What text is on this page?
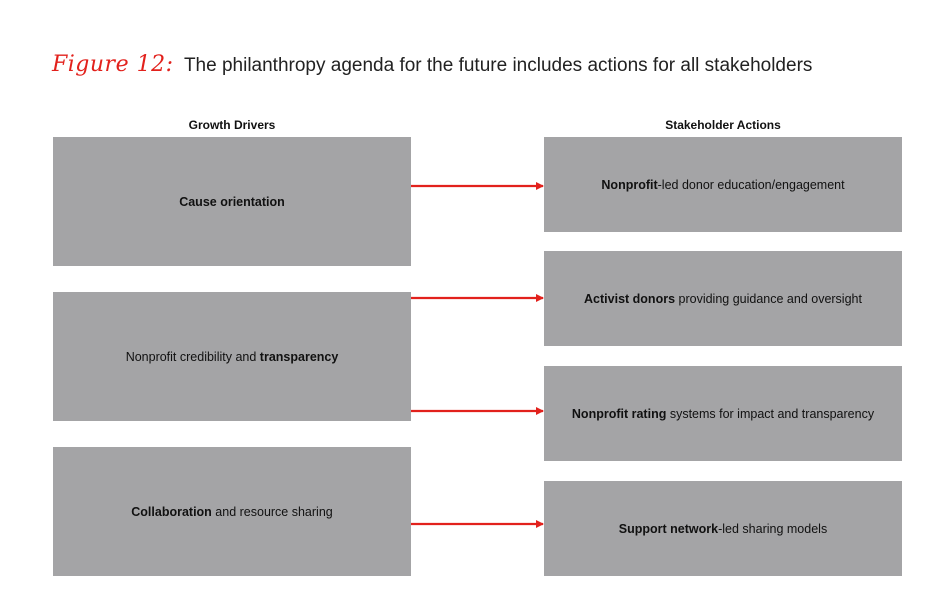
Figure 12: The philanthropy agenda for the future includes actions for all stakeholders
Growth Drivers	Stakeholder Actions
Cause orientation
Nonprofit credibility and transparency
Collaboration and resource sharing
Nonprofit-led donor education/engagement
Activist donors providing guidance and oversight
Nonprofit rating systems for impact and transparency
Support network-led sharing models
